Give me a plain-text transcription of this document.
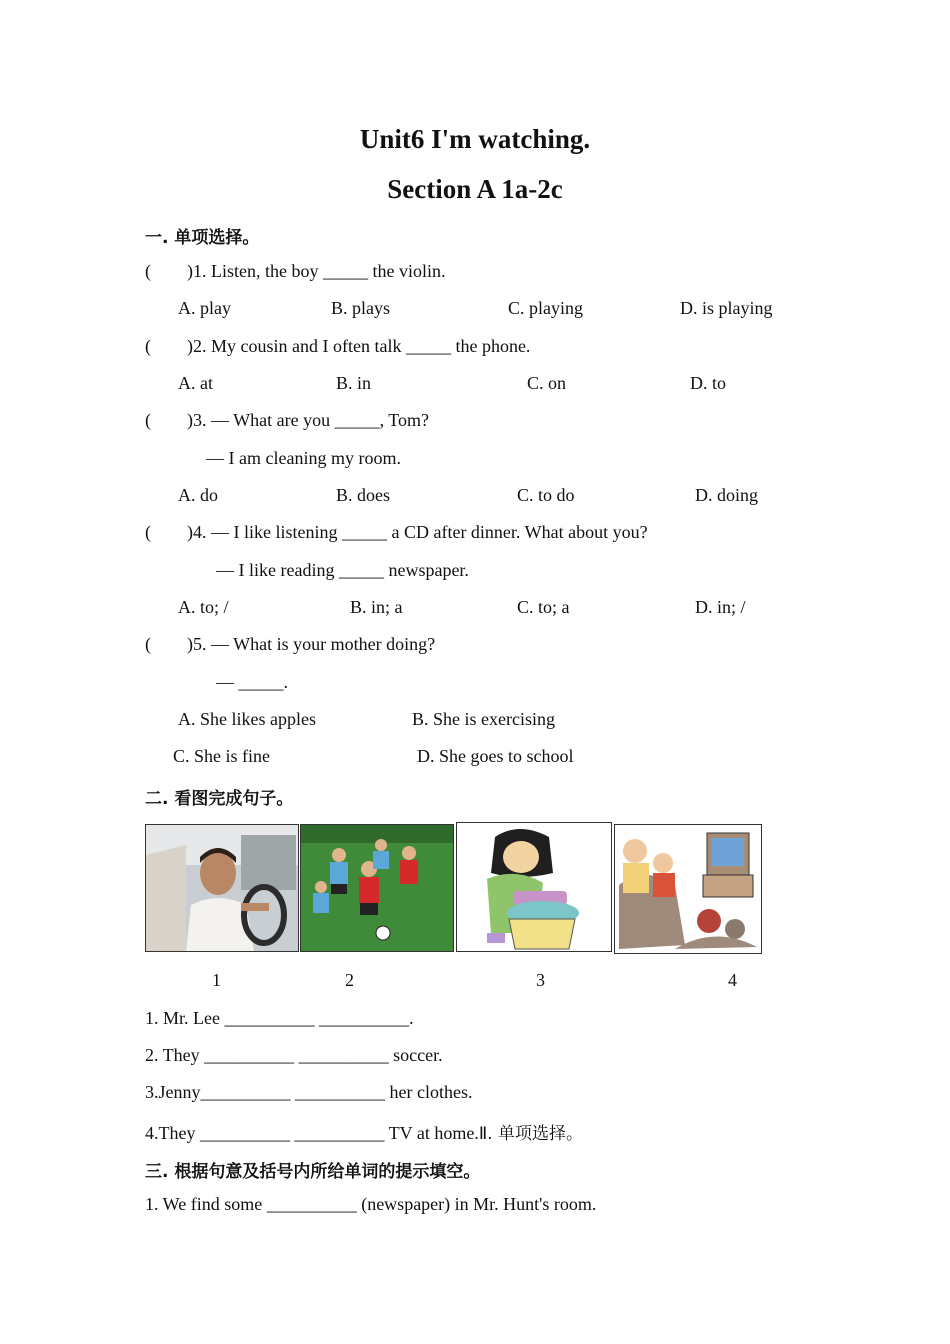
Unit6 I'm watching.
Section A 1a-2c
一. 单项选择。
(        )1. Listen, the boy _____ the violin.
A. play	B. plays	C. playing	D. is playing
(        )2. My cousin and I often talk _____ the phone.
A. at	B. in	C. on	D. to
(        )3. — What are you _____, Tom?
— I am cleaning my room.
A. do	B. does	C. to do	D. doing
(        )4. — I like listening _____ a CD after dinner. What about you?
— I like reading _____ newspaper.
A. to; /	B. in; a	C. to; a	D. in; /
(        )5. — What is your mother doing?
— _____.
A. She likes apples	B. She is exercising
C. She is fine	D. She goes to school
二. 看图完成句子。
1	2	3	4
1. Mr. Lee __________ __________.
2. They __________ __________ soccer.
3.Jenny__________ __________ her clothes.
4.They __________ __________ TV at home.Ⅱ. 单项选择。
三. 根据句意及括号内所给单词的提示填空。
1. We find some __________ (newspaper) in Mr. Hunt's room.
